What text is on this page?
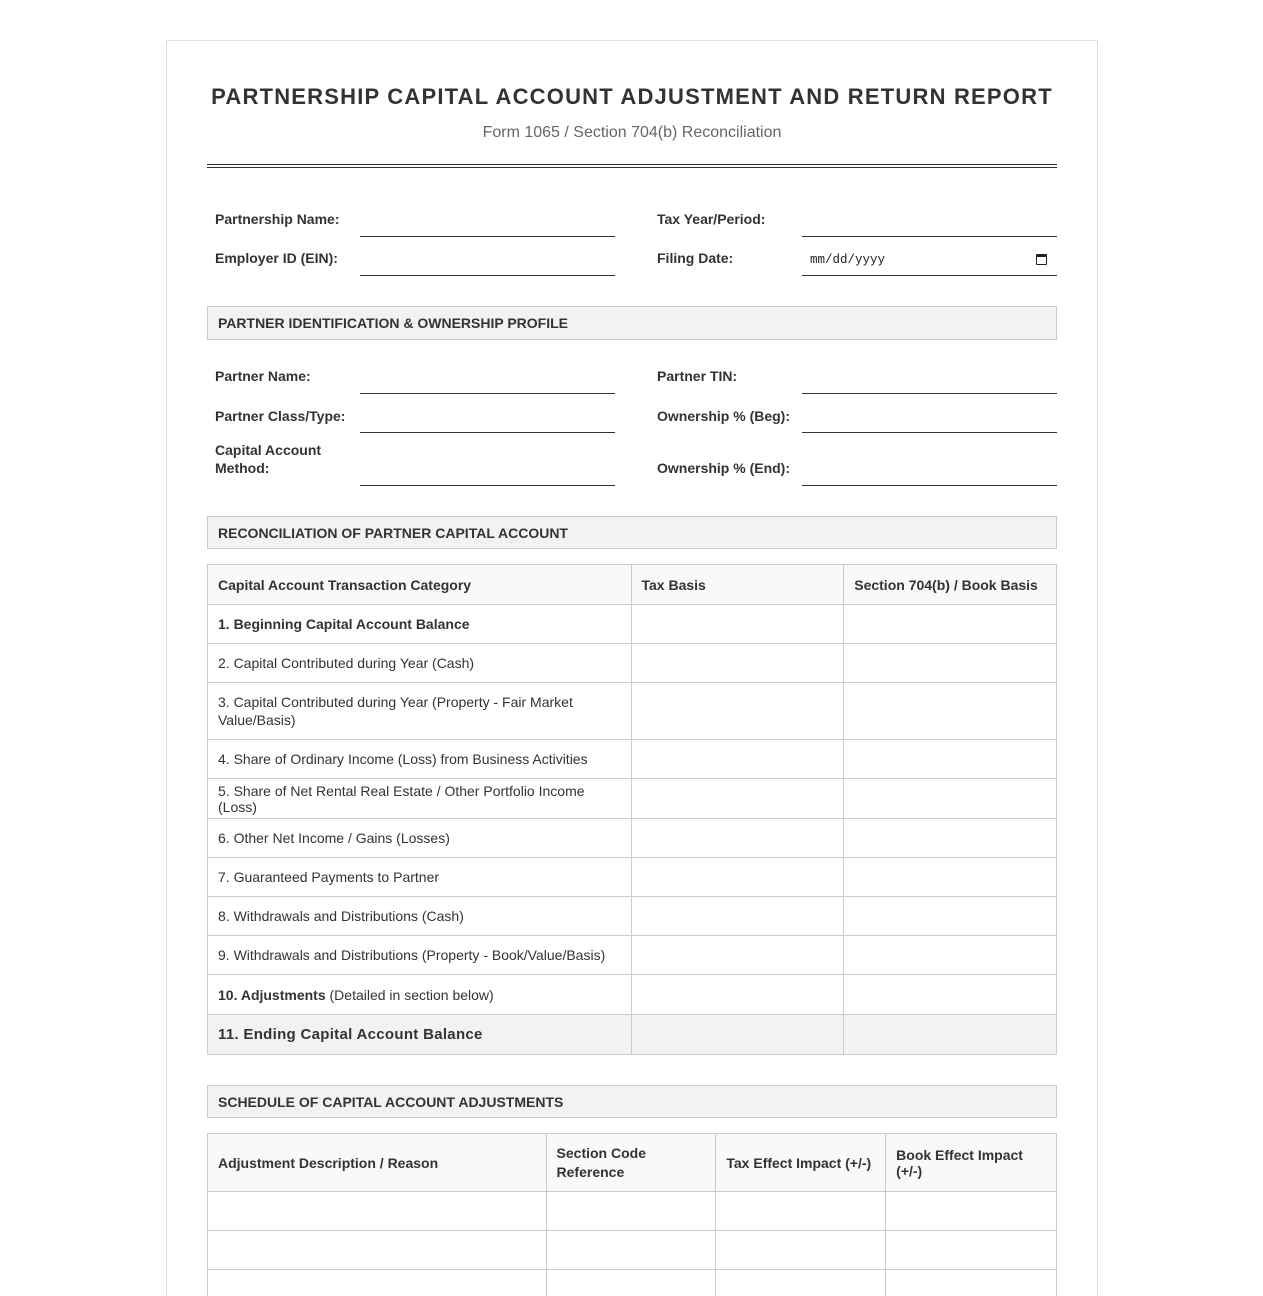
PARTNERSHIP CAPITAL ACCOUNT ADJUSTMENT AND RETURN REPORT
Form 1065 / Section 704(b) Reconciliation
Partnership Name:	Tax Year/Period:
Employer ID (EIN):	Filing Date:	mm/dd/yyyy
PARTNER IDENTIFICATION & OWNERSHIP PROFILE
Partner Name:	Partner TIN:
Partner Class/Type:	Ownership % (Beg):
Capital Account Method:	Ownership % (End):
RECONCILIATION OF PARTNER CAPITAL ACCOUNT
Capital Account Transaction Category	Tax Basis	Section 704(b) / Book Basis
1. Beginning Capital Account Balance		
2. Capital Contributed during Year (Cash)		
3. Capital Contributed during Year (Property - Fair Market Value/Basis)		
4. Share of Ordinary Income (Loss) from Business Activities		
5. Share of Net Rental Real Estate / Other Portfolio Income (Loss)		
6. Other Net Income / Gains (Losses)		
7. Guaranteed Payments to Partner		
8. Withdrawals and Distributions (Cash)		
9. Withdrawals and Distributions (Property - Book/Value/Basis)		
10. Adjustments (Detailed in section below)		
11. Ending Capital Account Balance		
SCHEDULE OF CAPITAL ACCOUNT ADJUSTMENTS
Adjustment Description / Reason	Section Code Reference	Tax Effect Impact (+/-)	Book Effect Impact (+/-)
